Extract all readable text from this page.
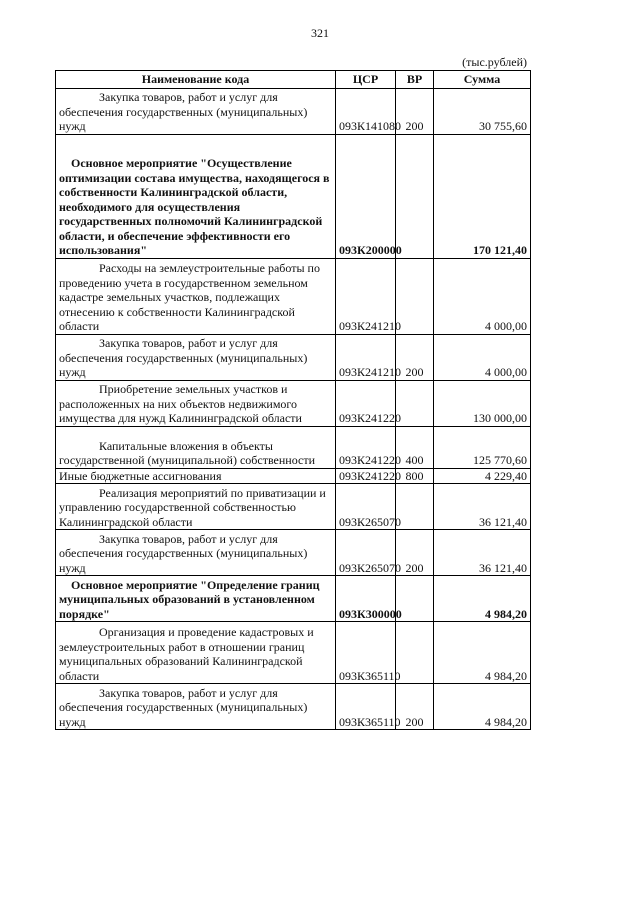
321
(тыс.рублей)
Наименование кода	ЦСР	ВР	Сумма
Закупка товаров, работ и услуг для обеспечения государственных (муниципальных) нужд	093К141080	200	30 755,60

Основное мероприятие "Осуществление оптимизации состава имущества, находящегося в собственности Калининградской области, необходимого для осуществления государственных полномочий Калининградской области, и обеспечение эффективности его использования"	093К200000		170 121,40
Расходы на землеустроительные работы по проведению учета в государственном земельном кадастре земельных участков, подлежащих отнесению к собственности Калининградской области	093К241210		4 000,00
Закупка товаров, работ и услуг для обеспечения государственных (муниципальных) нужд	093К241210	200	4 000,00
Приобретение земельных участков и расположенных на них объектов недвижимого имущества для нужд Калининградской области	093К241220		130 000,00
Капитальные вложения в объекты государственной (муниципальной) собственности	093К241220	400	125 770,60
Иные бюджетные ассигнования	093К241220	800	4 229,40
Реализация мероприятий по приватизации и управлению государственной собственностью Калининградской области	093К265070		36 121,40
Закупка товаров, работ и услуг для обеспечения государственных (муниципальных) нужд	093К265070	200	36 121,40

Основное мероприятие "Определение границ муниципальных образований в установленном порядке"	093К300000		4 984,20
Организация и проведение кадастровых и землеустроительных работ в отношении границ муниципальных образований Калининградской области	093К365110		4 984,20
Закупка товаров, работ и услуг для обеспечения государственных (муниципальных) нужд	093К365110	200	4 984,20
